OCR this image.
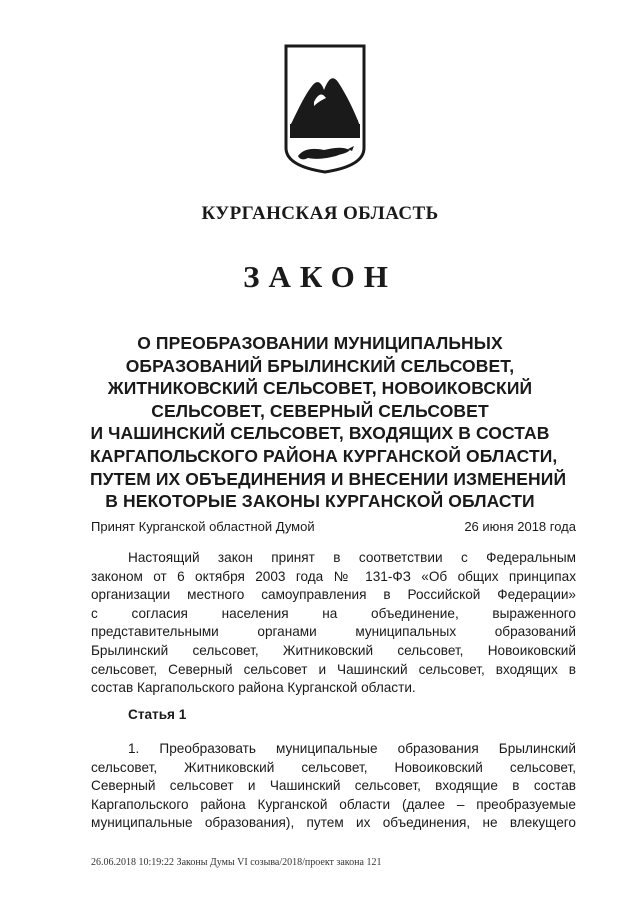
КУРГАНСКАЯ ОБЛАСТЬ
ЗАКОН
О ПРЕОБРАЗОВАНИИ МУНИЦИПАЛЬНЫХ
ОБРАЗОВАНИЙ БРЫЛИНСКИЙ СЕЛЬСОВЕТ,
ЖИТНИКОВСКИЙ СЕЛЬСОВЕТ, НОВОИКОВСКИЙ
СЕЛЬСОВЕТ, СЕВЕРНЫЙ СЕЛЬСОВЕТ
И ЧАШИНСКИЙ СЕЛЬСОВЕТ, ВХОДЯЩИХ В СОСТАВ
КАРГАПОЛЬСКОГО РАЙОНА КУРГАНСКОЙ ОБЛАСТИ,
ПУТЕМ ИХ ОБЪЕДИНЕНИЯ И ВНЕСЕНИИ ИЗМЕНЕНИЙ
В НЕКОТОРЫЕ ЗАКОНЫ КУРГАНСКОЙ ОБЛАСТИ
Принят Курганской областной Думой	26 июня 2018 года
Настоящий закон принят в соответствии с Федеральным
законом от 6 октября 2003 года № 131-ФЗ «Об общих принципах
организации местного самоуправления в Российской Федерации»
с согласия населения на объединение, выраженного
представительными органами муниципальных образований
Брылинский сельсовет, Житниковский сельсовет, Новоиковский
сельсовет, Северный сельсовет и Чашинский сельсовет, входящих в
состав Каргапольского района Курганской области.
Статья 1
1. Преобразовать муниципальные образования Брылинский
сельсовет, Житниковский сельсовет, Новоиковский сельсовет,
Северный сельсовет и Чашинский сельсовет, входящие в состав
Каргапольского района Курганской области (далее – преобразуемые
муниципальные образования), путем их объединения, не влекущего
26.06.2018 10:19:22 Законы Думы VI созыва/2018/проект закона 121
